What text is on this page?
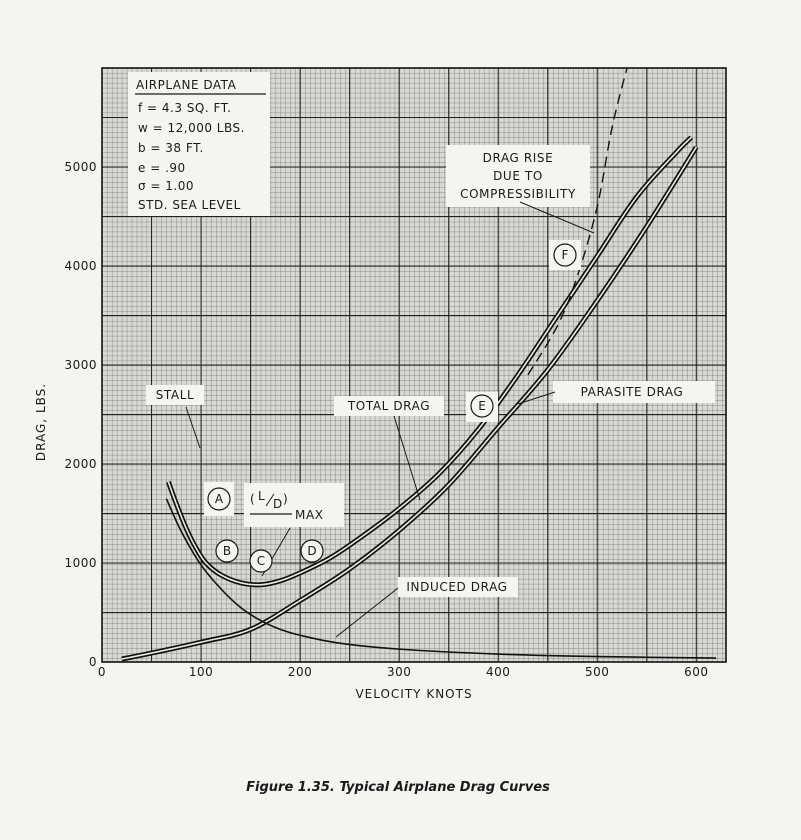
0	100	200	300	400	500	600
0
1000
2000
3000
4000
5000
VELOCITY KNOTS
DRAG, LBS.
AIRPLANE DATA
f = 4.3 SQ. FT.
w = 12,000 LBS.
b = 38 FT.
e = .90
σ = 1.00
STD. SEA LEVEL
DRAG RISE
DUE TO
COMPRESSIBILITY
STALL
TOTAL DRAG
PARASITE DRAG
INDUCED DRAG
( L
D )
MAX
A
B
C
D
E
F
Figure 1.35. Typical Airplane Drag Curves
